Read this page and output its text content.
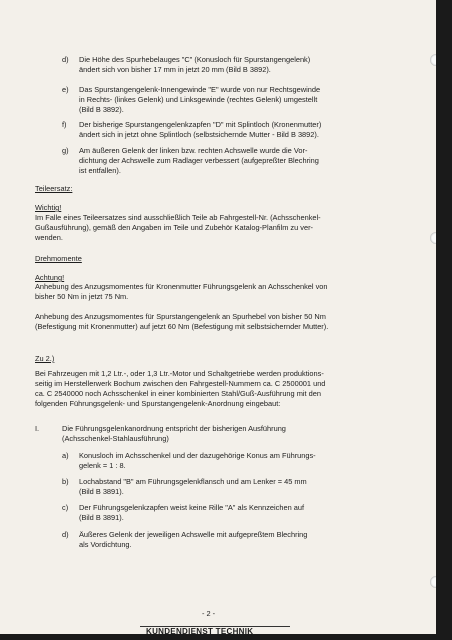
d) Die Höhe des Spurhebelauges "C" (Konusloch für Spurstangengelenk)
ändert sich von bisher 17 mm in jetzt 20 mm (Bild B 3892).
e) Das Spurstangengelenk-Innengewinde "E" wurde von nur Rechtsgewinde
in Rechts- (linkes Gelenk) und Linksgewinde (rechtes Gelenk) umgestellt
(Bild B 3892).
f) Der bisherige Spurstangengelenkzapfen "D" mit Splintloch (Kronenmutter)
ändert sich in jetzt ohne Splintloch (selbstsichernde Mutter - Bild B 3892).
g) Am äußeren Gelenk der linken bzw. rechten Achswelle wurde die Vor-
dichtung der Achswelle zum Radlager verbessert (aufgepreßter Blechring
ist entfallen).
Teileersatz:
Wichtig!
Im Falle eines Teileersatzes sind ausschließlich Teile ab Fahrgestell-Nr. (Achsschenkel-
Gußausführung), gemäß den Angaben im Teile und Zubehör Katalog-Planfilm zu ver-
wenden.
Drehmomente
Achtung!
Anhebung des Anzugsmomentes für Kronenmutter Führungsgelenk an Achsschenkel von
bisher 50 Nm in jetzt 75 Nm.
Anhebung des Anzugsmomentes für Spurstangengelenk an Spurhebel von bisher 50 Nm
(Befestigung mit Kronenmutter) auf jetzt 60 Nm (Befestigung mit selbstsichernder Mutter).
Zu 2.)
Bei Fahrzeugen mit 1,2 Ltr.-, oder 1,3 Ltr.-Motor und Schaltgetriebe werden produktions-
seitig im Herstellerwerk Bochum zwischen den Fahrgestell-Nummern ca. C 2500001 und
ca. C 2540000 noch Achsschenkel in einer kombinierten Stahl/Guß-Ausführung mit den
folgenden Führungsgelenk- und Spurstangengelenk-Anordnung eingebaut:
I.	Die Führungsgelenkanordnung entspricht der bisherigen Ausführung
(Achsschenkel-Stahlausführung)
a) Konusloch im Achsschenkel und der dazugehörige Konus am Führungs-
gelenk = 1 : 8.
b) Lochabstand "B" am Führungsgelenkflansch und am Lenker = 45 mm
(Bild B 3891).
c) Der Führungsgelenkzapfen weist keine Rille "A" als Kennzeichen auf
(Bild B 3891).
d) Äußeres Gelenk der jeweiligen Achswelle mit aufgepreßtem Blechring
als Vordichtung.
- 2 -
KUNDENDIENST TECHNIK
